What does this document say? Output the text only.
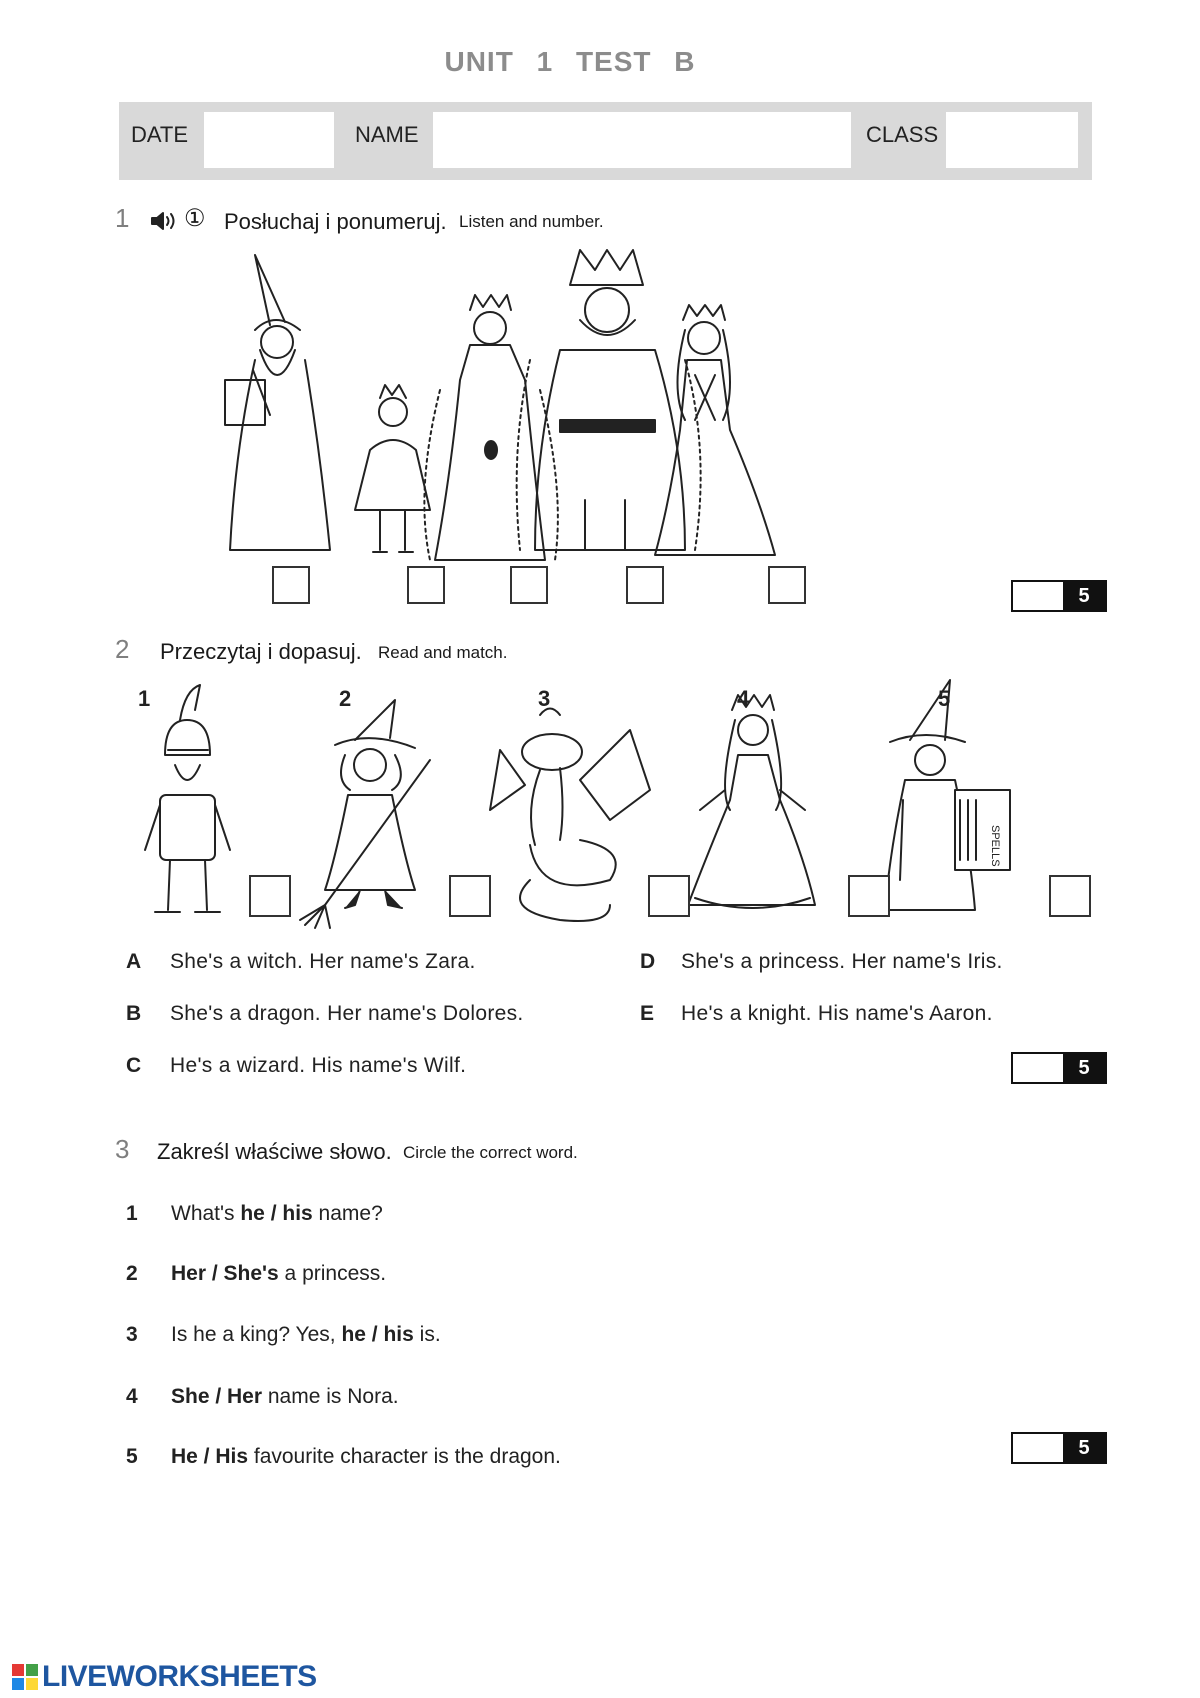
UNIT 1 TEST B
DATE	NAME	CLASS
1 ① Posłuchaj i ponumeruj. Listen and number.
5
2 Przeczytaj i dopasuj. Read and match.
1	2	3	4	5
SPELLS
A She's a witch. Her name's Zara.
B She's a dragon. Her name's Dolores.
C He's a wizard. His name's Wilf.
D She's a princess. Her name's Iris.
E He's a knight. His name's Aaron.
5
3 Zakreśl właściwe słowo. Circle the correct word.
1 What's he / his name?
2 Her / She's a princess.
3 Is he a king? Yes, he / his is.
4 She / Her name is Nora.
5 He / His favourite character is the dragon.	5
LIVEWORKSHEETS
